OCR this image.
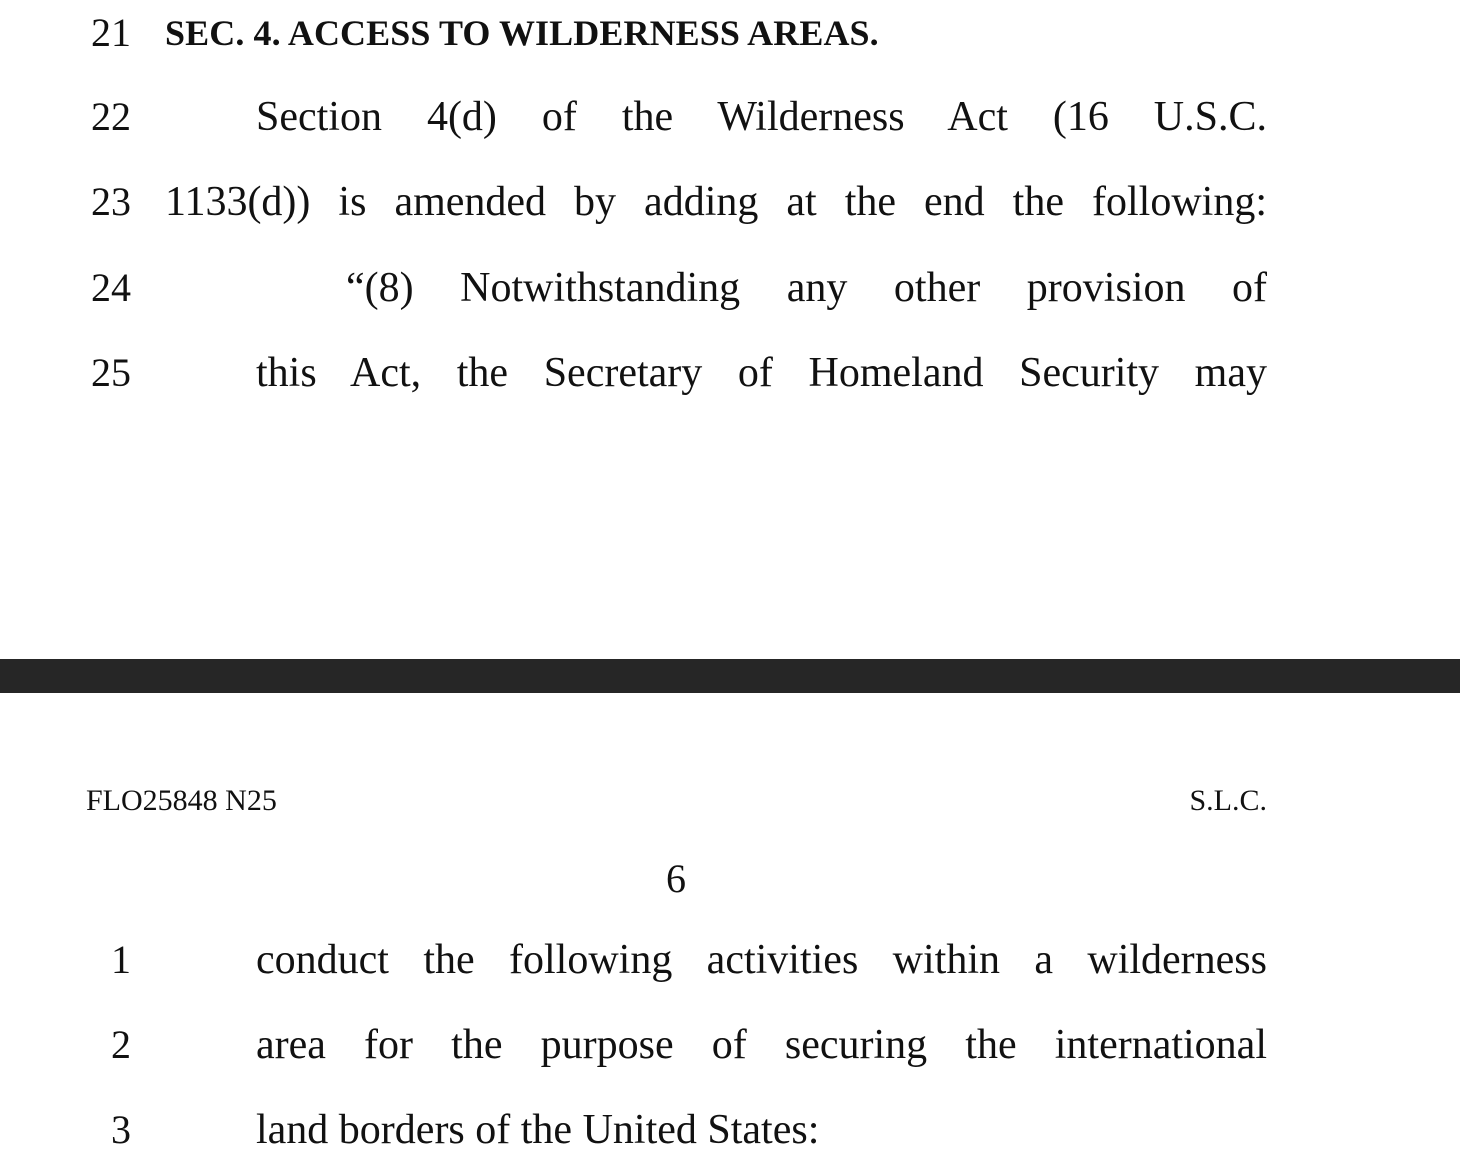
21 SEC. 4. ACCESS TO WILDERNESS AREAS.
22	Section 4(d) of the Wilderness Act (16 U.S.C.
23 1133(d)) is amended by adding at the end the following:
24	“(8) Notwithstanding any other provision of
25	this Act, the Secretary of Homeland Security may
FLO25848 N25	S.L.C.
6
1	conduct the following activities within a wilderness
2	area for the purpose of securing the international
3	land borders of the United States:
